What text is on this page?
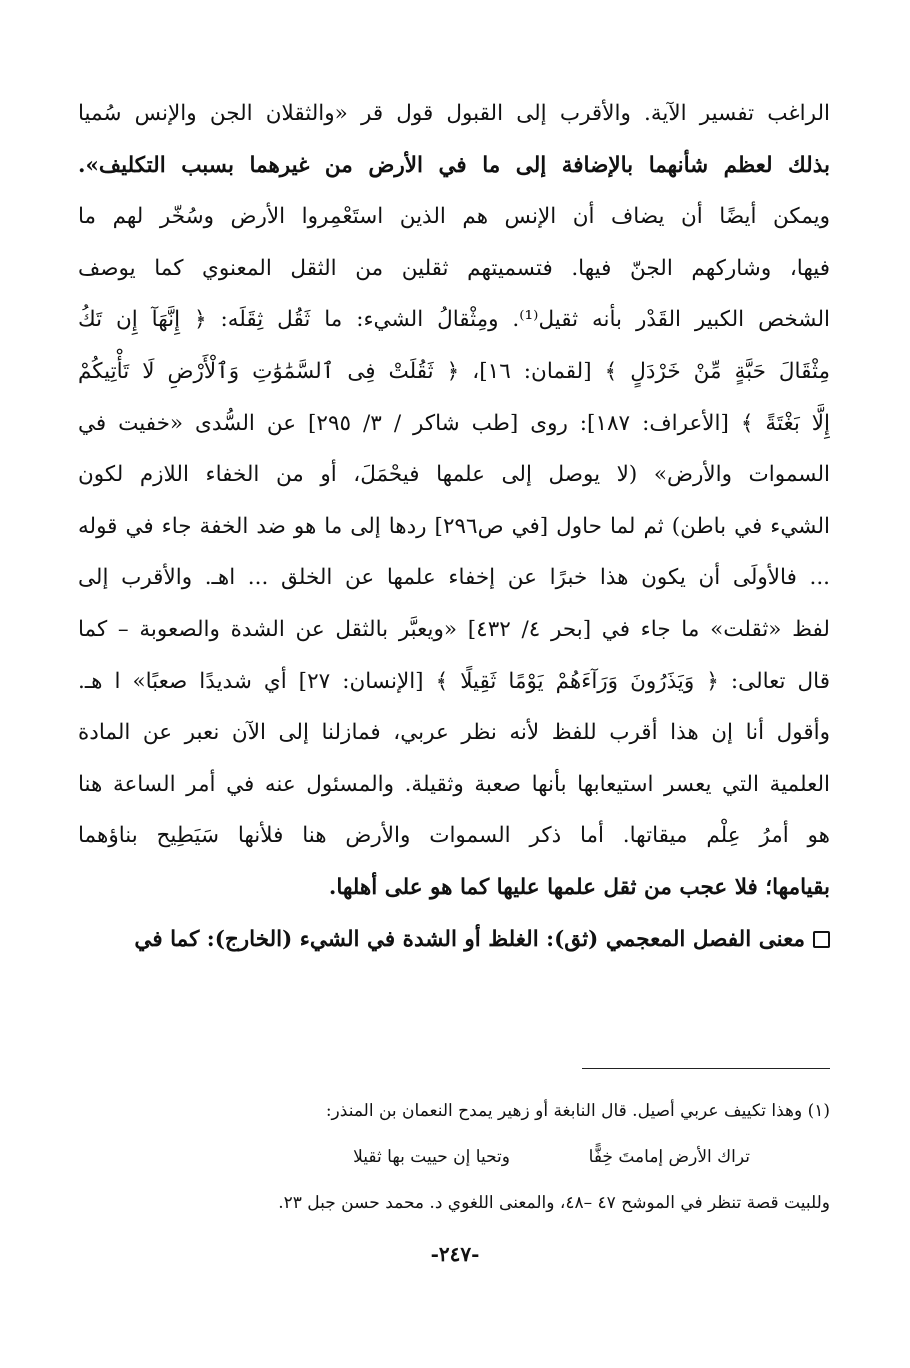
الراغب تفسير الآية. والأقرب إلى القبول قول قر «والثقلان الجن والإنس سُميا
بذلك لعظم شأنهما بالإضافة إلى ما في الأرض من غيرهما بسبب التكليف».
ويمكن أيضًا أن يضاف أن الإنس هم الذين استَعْمِروا الأرض وسُخّر لهم ما
فيها، وشاركهم الجنّ فيها. فتسميتهم ثقلين من الثقل المعنوي كما يوصف
الشخص الكبير القَدْر بأنه ثقيل⁽¹⁾. ومِثْقالُ الشيء: ما ثَقُل ثِقَلَه: ﴿ إِنَّهَآ إِن تَكُ
مِثْقَالَ حَبَّةٍ مِّنْ خَرْدَلٍ ﴾ [لقمان: ١٦]، ﴿ ثَقُلَتْ فِى ٱلسَّمَٰوَٰتِ وَٱلْأَرْضِ لَا تَأْتِيكُمْ
إِلَّا بَغْتَةً ﴾ [الأعراف: ١٨٧]: روى [طب شاكر / ٣/ ٢٩٥] عن السُّدى «خفيت في
السموات والأرض» (لا يوصل إلى علمها فيحْمَلَ، أو من الخفاء اللازم لكون
الشيء في باطن) ثم لما حاول [في ص٢٩٦] ردها إلى ما هو ضد الخفة جاء في قوله
... فالأولَى أن يكون هذا خبرًا عن إخفاء علمها عن الخلق ... اهـ. والأقرب إلى
لفظ «ثقلت» ما جاء في [بحر ٤/ ٤٣٢] «ويعبَّر بالثقل عن الشدة والصعوبة – كما
قال تعالى: ﴿ وَيَذَرُونَ وَرَآءَهُمْ يَوْمًا ثَقِيلًا ﴾ [الإنسان: ٢٧] أي شديدًا صعبًا» ا هـ.
وأقول أنا إن هذا أقرب للفظ لأنه نظر عربي، فمازلنا إلى الآن نعبر عن المادة
العلمية التي يعسر استيعابها بأنها صعبة وثقيلة. والمسئول عنه في أمر الساعة هنا
هو أمرُ عِلْم ميقاتها. أما ذكر السموات والأرض هنا فلأنها سَيَطِيح بناؤهما
بقيامها؛ فلا عجب من ثقل علمها عليها كما هو على أهلها.
معنى الفصل المعجمي (ثق): الغلظ أو الشدة في الشيء (الخارج): كما في
(١) وهذا تكييف عربي أصيل. قال النابغة أو زهير يمدح النعمان بن المنذر:
تراك الأرض إمامتَ خِفًّا
وتحيا إن حييت بها ثقيلا
وللبيت قصة تنظر في الموشح ٤٧ –٤٨، والمعنى اللغوي د. محمد حسن جبل ٢٣.
-٢٤٧-
